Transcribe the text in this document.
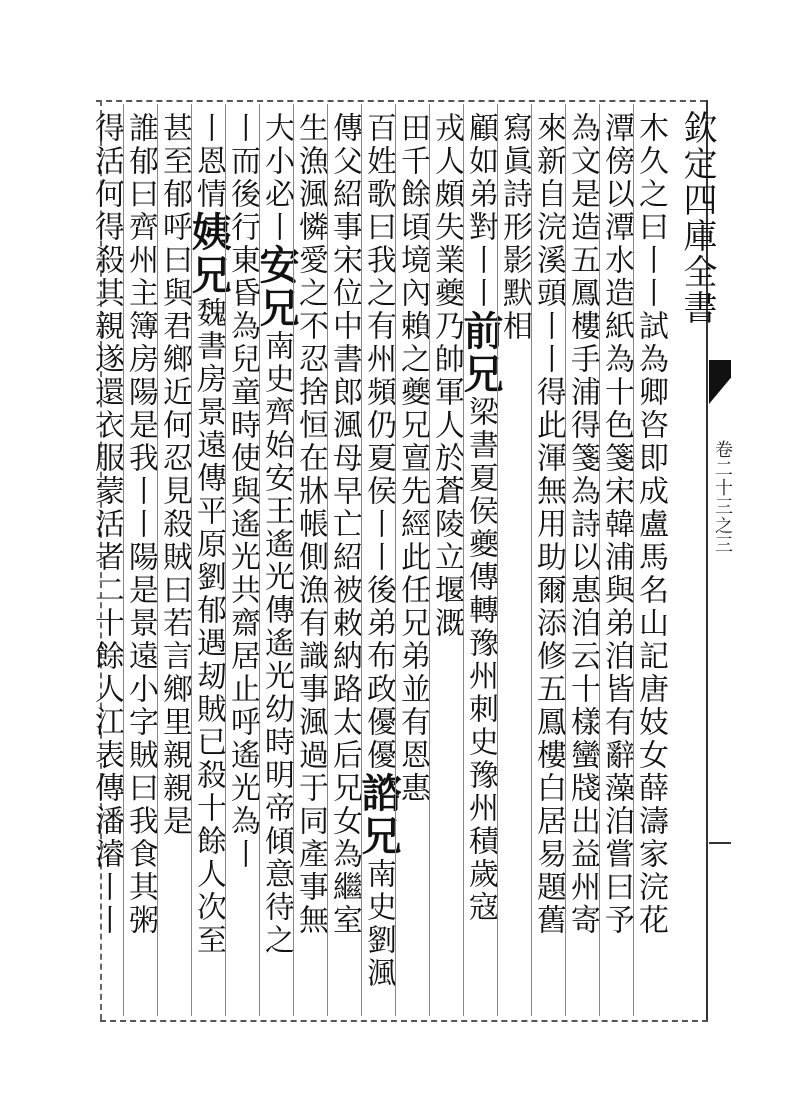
欽定四庫全書
卷二十三之三
木久之曰丨丨試為卿咨即成盧馬名山記唐妓女薛濤家浣花
潭傍以潭水造紙為十色箋宋韓浦與弟洎皆有辭藻洎嘗曰予
為文是造五鳳樓手浦得箋為詩以惠洎云十樣蠻牋出益州寄
來新自浣溪頭丨丨得此渾無用助爾添修五鳳樓白居易題舊
寫眞詩形影默相
顧如弟對丨丨前兄梁書夏侯夔傳轉豫州刺史豫州積歲寇
戎人頗失業夔乃帥軍人於蒼陵立堰溉
田千餘頃境內賴之夔兄亶先經此任兄弟並有恩惠
百姓歌曰我之有州頻仍夏侯丨丨後弟布政優優諮兄南史劉渢
傳父紹事宋位中書郎渢母早亡紹被敕納路太后兄女為繼室
生漁渢憐愛之不忍捨恒在牀帳側漁有識事渢過于同產事無
大小必丨安兄南史齊始安王遙光傳遙光幼時明帝傾意待之
丨而後行東昏為兒童時使與遙光共齋居止呼遙光為丨
丨恩情姨兄魏書房景遠傳平原劉郁遇刼賊已殺十餘人次至
甚至郁呼曰與君鄉近何忍見殺賊曰若言鄉里親親是
誰郁曰齊州主簿房陽是我丨丨陽是景遠小字賊曰我食其粥
得活何得殺其親遂還衣服蒙活者二十餘人江表傳潘濬丨丨
